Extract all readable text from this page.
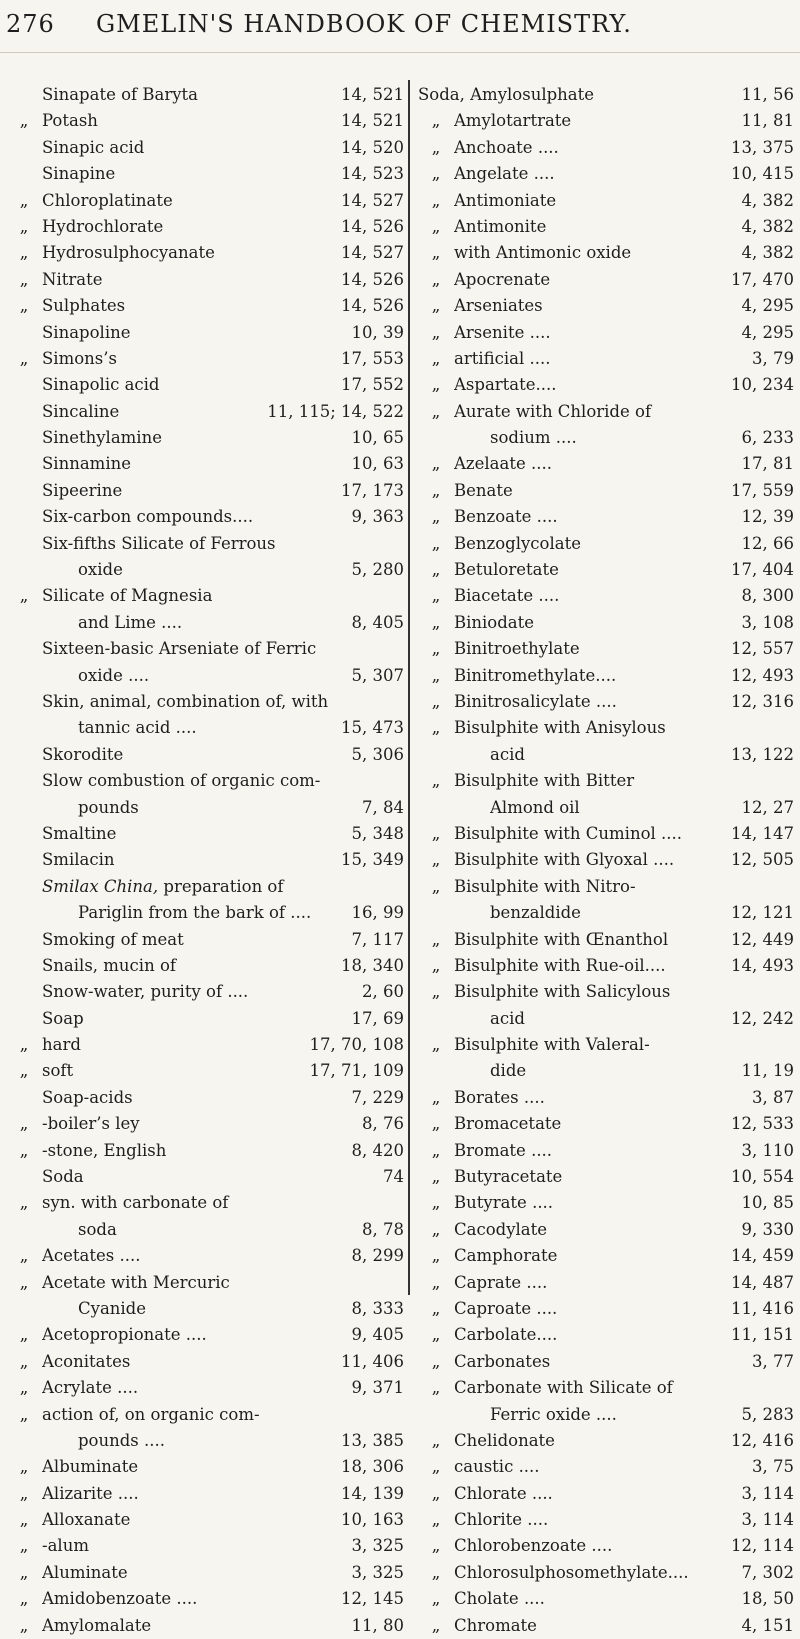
276 GMELIN'S HANDBOOK OF CHEMISTRY.
Sinapate of Baryta	14, 521
„ Potash	14, 521
Sinapic acid	14, 520
Sinapine	14, 523
„ Chloroplatinate	14, 527
„ Hydrochlorate	14, 526
„ Hydrosulphocyanate	14, 527
„ Nitrate	14, 526
„ Sulphates	14, 526
Sinapoline	10, 39
„ Simons’s	17, 553
Sinapolic acid	17, 552
Sincaline	11, 115; 14, 522
Sinethylamine	10, 65
Sinnamine	10, 63
Sipeerine	17, 173
Six-carbon compounds....	9, 363
Six-fifths Silicate of Ferrous
oxide	5, 280
„ Silicate of Magnesia
and Lime ....	8, 405
Sixteen-basic Arseniate of Ferric
oxide ....	5, 307
Skin, animal, combination of, with
tannic acid ....	15, 473
Skorodite	5, 306
Slow combustion of organic com-
pounds	7, 84
Smaltine	5, 348
Smilacin	15, 349
Smilax China, preparation of
Pariglin from the bark of ....	16, 99
Smoking of meat	7, 117
Snails, mucin of	18, 340
Snow-water, purity of ....	2, 60
Soap	17, 69
„ hard	17, 70, 108
„ soft	17, 71, 109
Soap-acids	7, 229
„ -boiler’s ley	8, 76
„ -stone, English	8, 420
Soda	74
„ syn. with carbonate of
soda	8, 78
„ Acetates ....	8, 299
„ Acetate with Mercuric
Cyanide	8, 333
„ Acetopropionate ....	9, 405
„ Aconitates	11, 406
„ Acrylate ....	9, 371
„ action of, on organic com-
pounds ....	13, 385
„ Albuminate	18, 306
„ Alizarite ....	14, 139
„ Alloxanate	10, 163
„ -alum	3, 325
„ Aluminate	3, 325
„ Amidobenzoate ....	12, 145
„ Amylomalate	11, 80
Soda, Amylosulphate	11, 56
„ Amylotartrate	11, 81
„ Anchoate ....	13, 375
„ Angelate ....	10, 415
„ Antimoniate	4, 382
„ Antimonite	4, 382
„ with Antimonic oxide	4, 382
„ Apocrenate	17, 470
„ Arseniates	4, 295
„ Arsenite ....	4, 295
„ artificial ....	3, 79
„ Aspartate....	10, 234
„ Aurate with Chloride of
sodium ....	6, 233
„ Azelaate ....	17, 81
„ Benate	17, 559
„ Benzoate ....	12, 39
„ Benzoglycolate	12, 66
„ Betuloretate	17, 404
„ Biacetate ....	8, 300
„ Biniodate	3, 108
„ Binitroethylate	12, 557
„ Binitromethylate....	12, 493
„ Binitrosalicylate ....	12, 316
„ Bisulphite with Anisylous
acid	13, 122
„ Bisulphite with Bitter
Almond oil	12, 27
„ Bisulphite with Cuminol ....	14, 147
„ Bisulphite with Glyoxal ....	12, 505
„ Bisulphite with Nitro-
benzaldide	12, 121
„ Bisulphite with Œnanthol	12, 449
„ Bisulphite with Rue-oil....	14, 493
„ Bisulphite with Salicylous
acid	12, 242
„ Bisulphite with Valeral-
dide	11, 19
„ Borates ....	3, 87
„ Bromacetate	12, 533
„ Bromate ....	3, 110
„ Butyracetate	10, 554
„ Butyrate ....	10, 85
„ Cacodylate	9, 330
„ Camphorate	14, 459
„ Caprate ....	14, 487
„ Caproate ....	11, 416
„ Carbolate....	11, 151
„ Carbonates	3, 77
„ Carbonate with Silicate of
Ferric oxide ....	5, 283
„ Chelidonate	12, 416
„ caustic ....	3, 75
„ Chlorate ....	3, 114
„ Chlorite ....	3, 114
„ Chlorobenzoate ....	12, 114
„ Chlorosulphosomethylate....	7, 302
„ Cholate ....	18, 50
„ Chromate	4, 151
